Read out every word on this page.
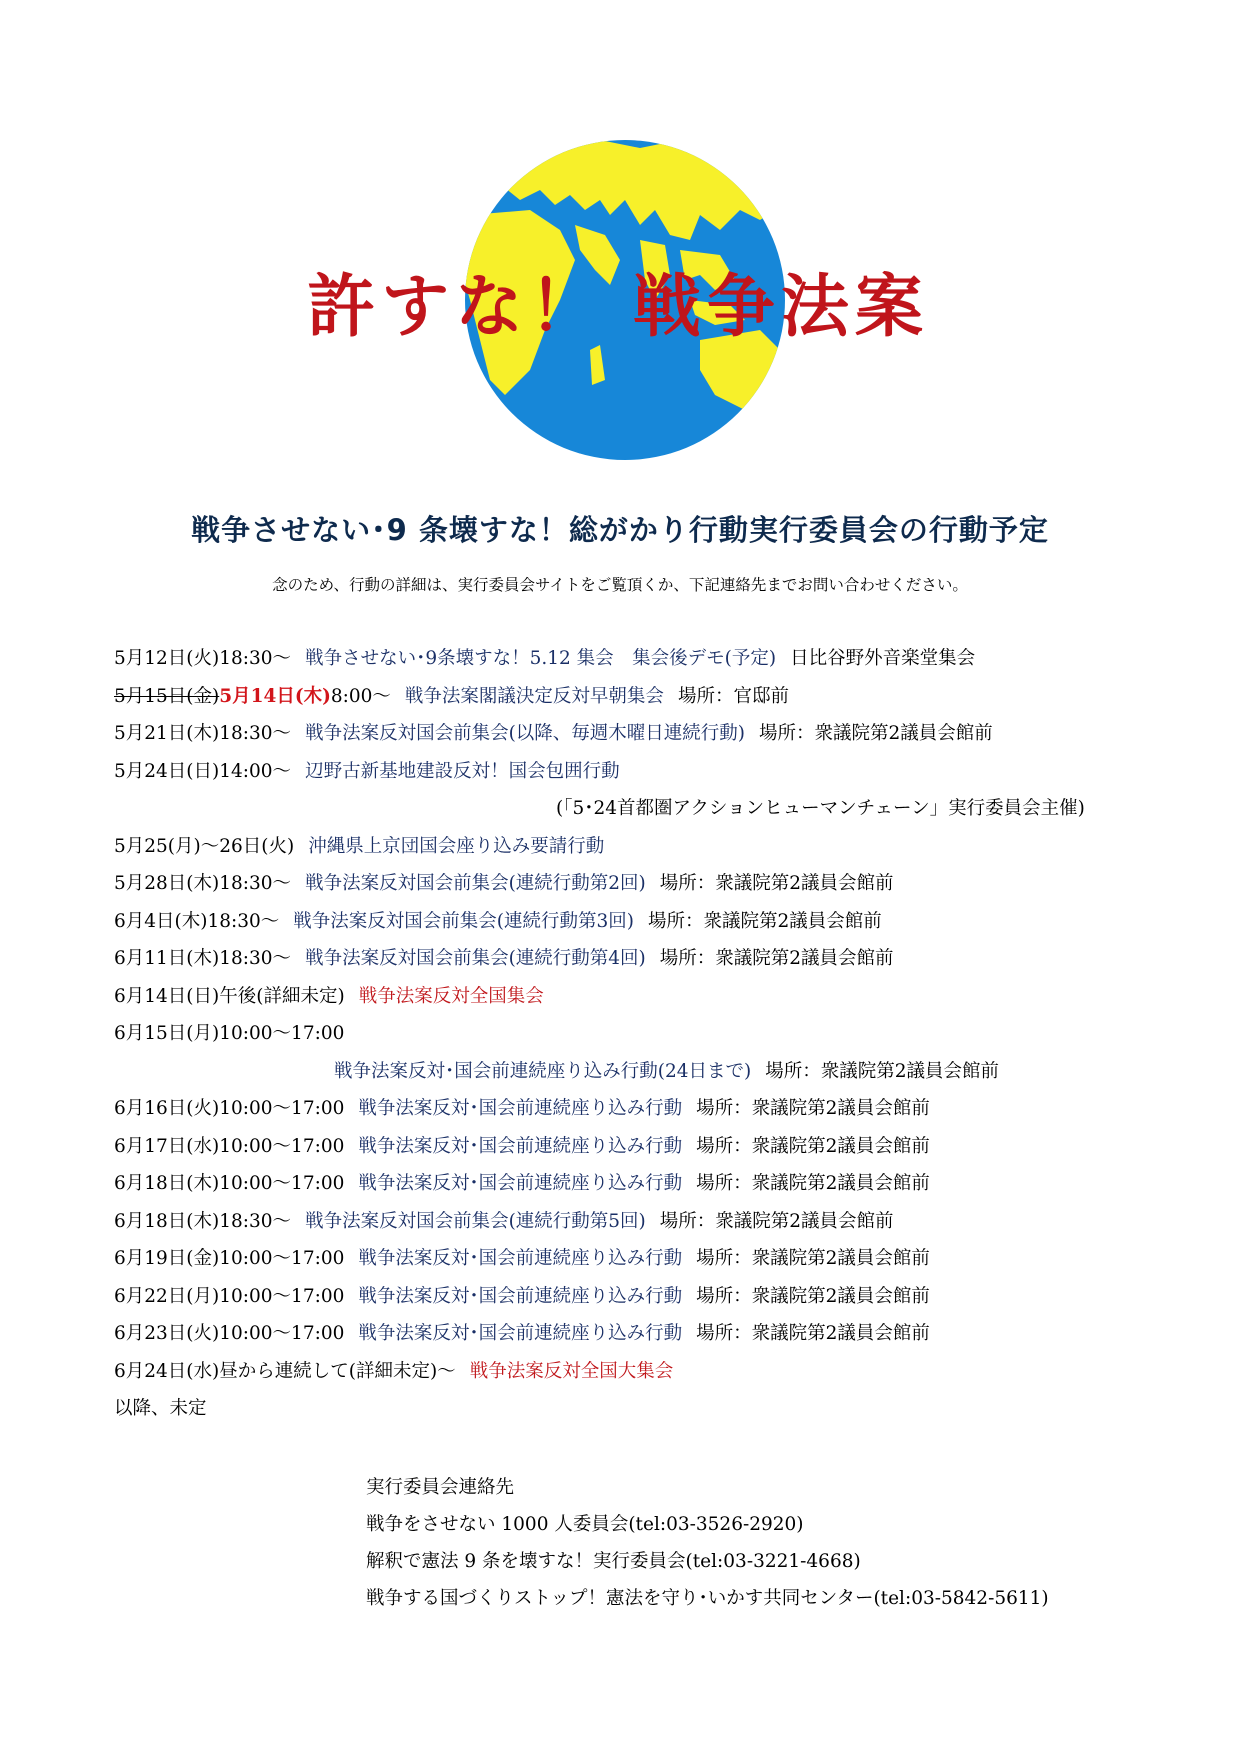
許すな！ 戦争法案
戦争させない･9 条壊すな！総がかり行動実行委員会の行動予定
念のため、行動の詳細は、実行委員会サイトをご覧頂くか、下記連絡先までお問い合わせください。
5月12日(火)18:30～ 戦争させない･9条壊すな！5.12 集会　集会後デモ(予定) 日比谷野外音楽堂集会
5月15日(金)5月14日(木)8:00～ 戦争法案閣議決定反対早朝集会 場所：官邸前
5月21日(木)18:30～ 戦争法案反対国会前集会(以降、毎週木曜日連続行動) 場所：衆議院第2議員会館前
5月24日(日)14:00～ 辺野古新基地建設反対！国会包囲行動
(「5･24首都圏アクションヒューマンチェーン」実行委員会主催)
5月25(月)～26日(火) 沖縄県上京団国会座り込み要請行動
5月28日(木)18:30～ 戦争法案反対国会前集会(連続行動第2回) 場所：衆議院第2議員会館前
6月4日(木)18:30～ 戦争法案反対国会前集会(連続行動第3回) 場所：衆議院第2議員会館前
6月11日(木)18:30～ 戦争法案反対国会前集会(連続行動第4回) 場所：衆議院第2議員会館前
6月14日(日)午後(詳細未定) 戦争法案反対全国集会
6月15日(月)10:00～17:00
戦争法案反対･国会前連続座り込み行動(24日まで) 場所：衆議院第2議員会館前
6月16日(火)10:00～17:00 戦争法案反対･国会前連続座り込み行動 場所：衆議院第2議員会館前
6月17日(水)10:00～17:00 戦争法案反対･国会前連続座り込み行動 場所：衆議院第2議員会館前
6月18日(木)10:00～17:00 戦争法案反対･国会前連続座り込み行動 場所：衆議院第2議員会館前
6月18日(木)18:30～ 戦争法案反対国会前集会(連続行動第5回) 場所：衆議院第2議員会館前
6月19日(金)10:00～17:00 戦争法案反対･国会前連続座り込み行動 場所：衆議院第2議員会館前
6月22日(月)10:00～17:00 戦争法案反対･国会前連続座り込み行動 場所：衆議院第2議員会館前
6月23日(火)10:00～17:00 戦争法案反対･国会前連続座り込み行動 場所：衆議院第2議員会館前
6月24日(水)昼から連続して(詳細未定)～ 戦争法案反対全国大集会
以降、未定
実行委員会連絡先
戦争をさせない 1000 人委員会(tel:03-3526-2920)
解釈で憲法 9 条を壊すな！実行委員会(tel:03-3221-4668)
戦争する国づくりストップ！憲法を守り･いかす共同センター(tel:03-5842-5611)
